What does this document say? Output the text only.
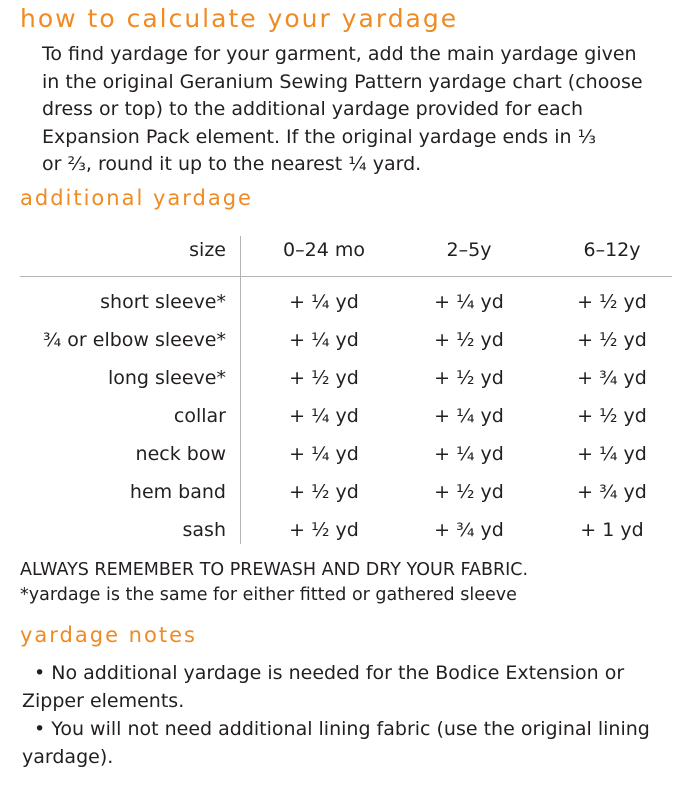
how to calculate your yardage

To find yardage for your garment, add the main yardage given
in the original Geranium Sewing Pattern yardage chart (choose
dress or top) to the additional yardage provided for each
Expansion Pack element. If the original yardage ends in ⅓
or ⅔, round it up to the nearest ¼ yard.

additional yardage
size	0–24 mo	2–5y	6–12y
short sleeve*	+ ¼ yd	+ ¼ yd	+ ½ yd
¾ or elbow sleeve*	+ ¼ yd	+ ½ yd	+ ½ yd
long sleeve*	+ ½ yd	+ ½ yd	+ ¾ yd
collar	+ ¼ yd	+ ¼ yd	+ ½ yd
neck bow	+ ¼ yd	+ ¼ yd	+ ¼ yd
hem band	+ ½ yd	+ ½ yd	+ ¾ yd
sash	+ ½ yd	+ ¾ yd	+ 1 yd

ALWAYS REMEMBER TO PREWASH AND DRY YOUR FABRIC.

*yardage is the same for either fitted or gathered sleeve

yardage notes

• No additional yardage is needed for the Bodice Extension or
Zipper elements.

• You will not need additional lining fabric (use the original lining
yardage).
